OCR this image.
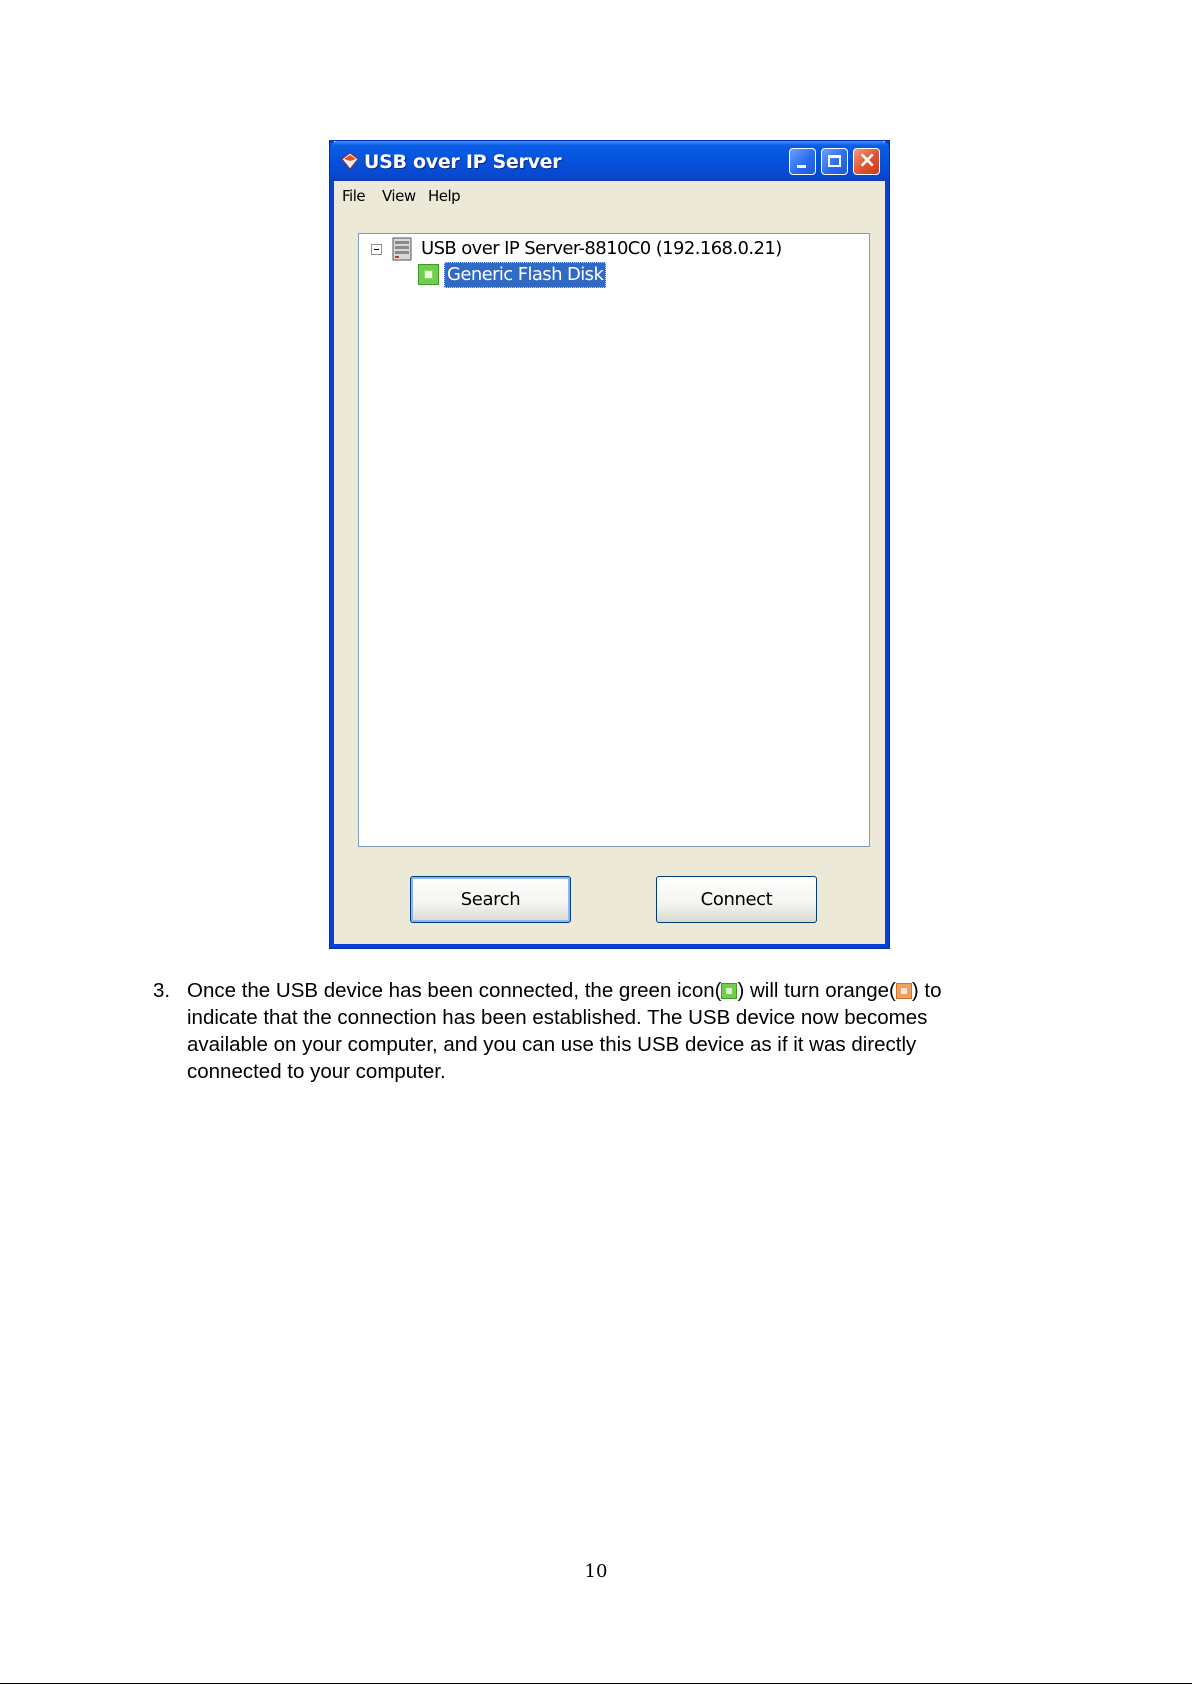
USB over IP Server	×
File View Help
USB over IP Server-8810C0 (192.168.0.21)
Generic Flash Disk
Search	Connect
3. Once the USB device has been connected, the green icon( ) will turn orange( ) to
indicate that the connection has been established. The USB device now becomes
available on your computer, and you can use this USB device as if it was directly
connected to your computer.
10
